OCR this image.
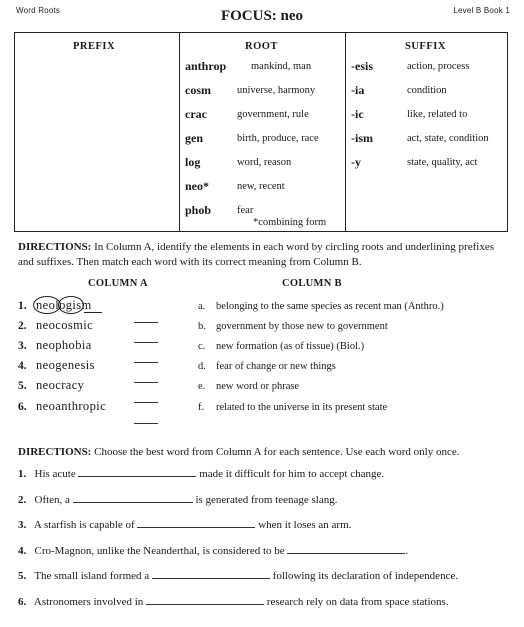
Word Roots	Level B Book 1
FOCUS: neo
PREFIX	ROOT	SUFFIX
anthrop mankind, man
cosm universe, harmony
crac	government, rule
gen	birth, produce, race
log	word, reason
neo*	new, recent
phob fear
*combining form
-esis	action, process
-ia	condition
-ic	like, related to
-ism	act, state, condition
-y	state, quality, act
DIRECTIONS: In Column A, identify the elements in each word by circling roots and underlining prefixes and suffixes. Then match each word with its correct meaning from Column B.
COLUMN A	COLUMN B
1. neologism
2. neocosmic
3. neophobia
4. neogenesis
5. neocracy
6. neoanthropic
a. belonging to the same species as recent man (Anthro.)
b. government by those new to government
c. new formation (as of tissue) (Biol.)
d. fear of change or new things
e. new word or phrase
f. related to the universe in its present state
DIRECTIONS: Choose the best word from Column A for each sentence. Use each word only once.
1. His acute	made it difficult for him to accept change.
2. Often, a	is generated from teenage slang.
3. A starfish is capable of	when it loses an arm.
4. Cro-Magnon, unlike the Neanderthal, is considered to be	.
5. The small island formed a	following its declaration of independence.
6. Astronomers involved in	research rely on data from space stations.
